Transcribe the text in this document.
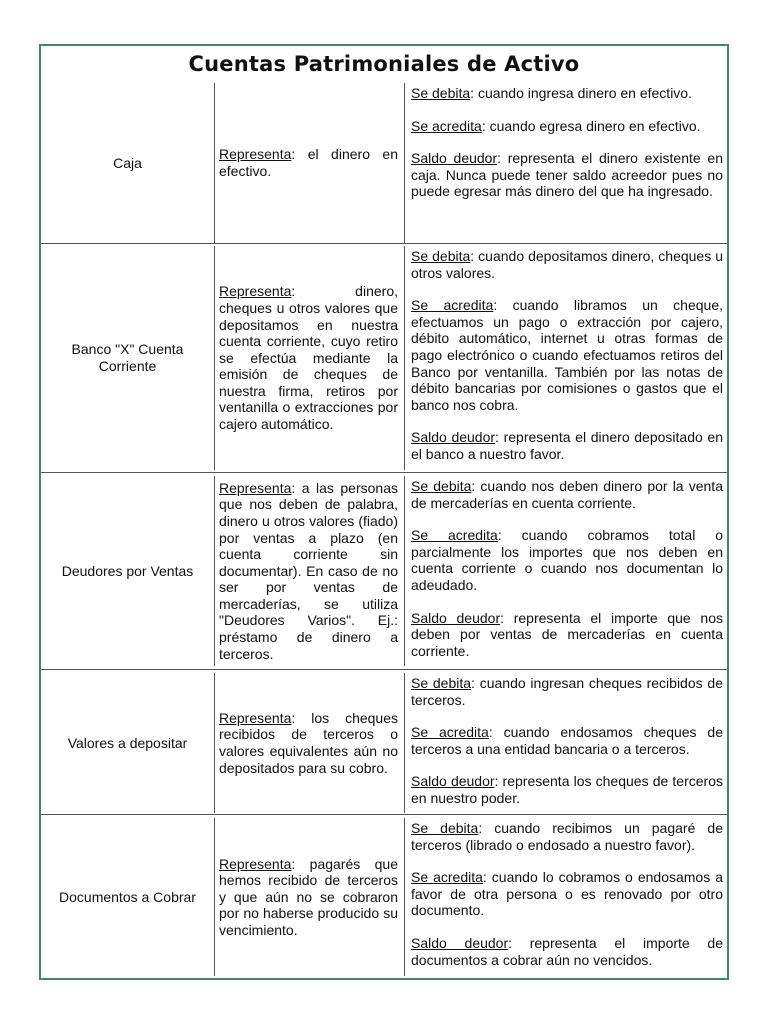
Cuentas Patrimoniales de Activo
Caja
Representa: el dinero en efectivo.
Se debita: cuando ingresa dinero en efectivo.
Se acredita: cuando egresa dinero en efectivo.
Saldo deudor: representa el dinero existente en caja. Nunca puede tener saldo acreedor pues no puede egresar más dinero del que ha ingresado.
Banco "X" Cuenta Corriente
Representa: dinero, cheques u otros valores que depositamos en nuestra cuenta corriente, cuyo retiro se efectúa mediante la emisión de cheques de nuestra firma, retiros por ventanilla o extracciones por cajero automático.
Se debita: cuando depositamos dinero, cheques u otros valores.
Se acredita: cuando libramos un cheque, efectuamos un pago o extracción por cajero, débito automático, internet u otras formas de pago electrónico o cuando efectuamos retiros del Banco por ventanilla. También por las notas de débito bancarias por comisiones o gastos que el banco nos cobra.
Saldo deudor: representa el dinero depositado en el banco a nuestro favor.
Deudores por Ventas
Representa: a las personas que nos deben de palabra, dinero u otros valores (fiado) por ventas a plazo (en cuenta corriente sin documentar). En caso de no ser por ventas de mercaderías, se utiliza "Deudores Varios". Ej.: préstamo de dinero a terceros.
Se debita: cuando nos deben dinero por la venta de mercaderías en cuenta corriente.
Se acredita: cuando cobramos total o parcialmente los importes que nos deben en cuenta corriente o cuando nos documentan lo adeudado.
Saldo deudor: representa el importe que nos deben por ventas de mercaderías en cuenta corriente.
Valores a depositar
Representa: los cheques recibidos de terceros o valores equivalentes aún no depositados para su cobro.
Se debita: cuando ingresan cheques recibidos de terceros.
Se acredita: cuando endosamos cheques de terceros a una entidad bancaria o a terceros.
Saldo deudor: representa los cheques de terceros en nuestro poder.
Documentos a Cobrar
Representa: pagarés que hemos recibido de terceros y que aún no se cobraron por no haberse producido su vencimiento.
Se debita: cuando recibimos un pagaré de terceros (librado o endosado a nuestro favor).
Se acredita: cuando lo cobramos o endosamos a favor de otra persona o es renovado por otro documento.
Saldo deudor: representa el importe de documentos a cobrar aún no vencidos.
